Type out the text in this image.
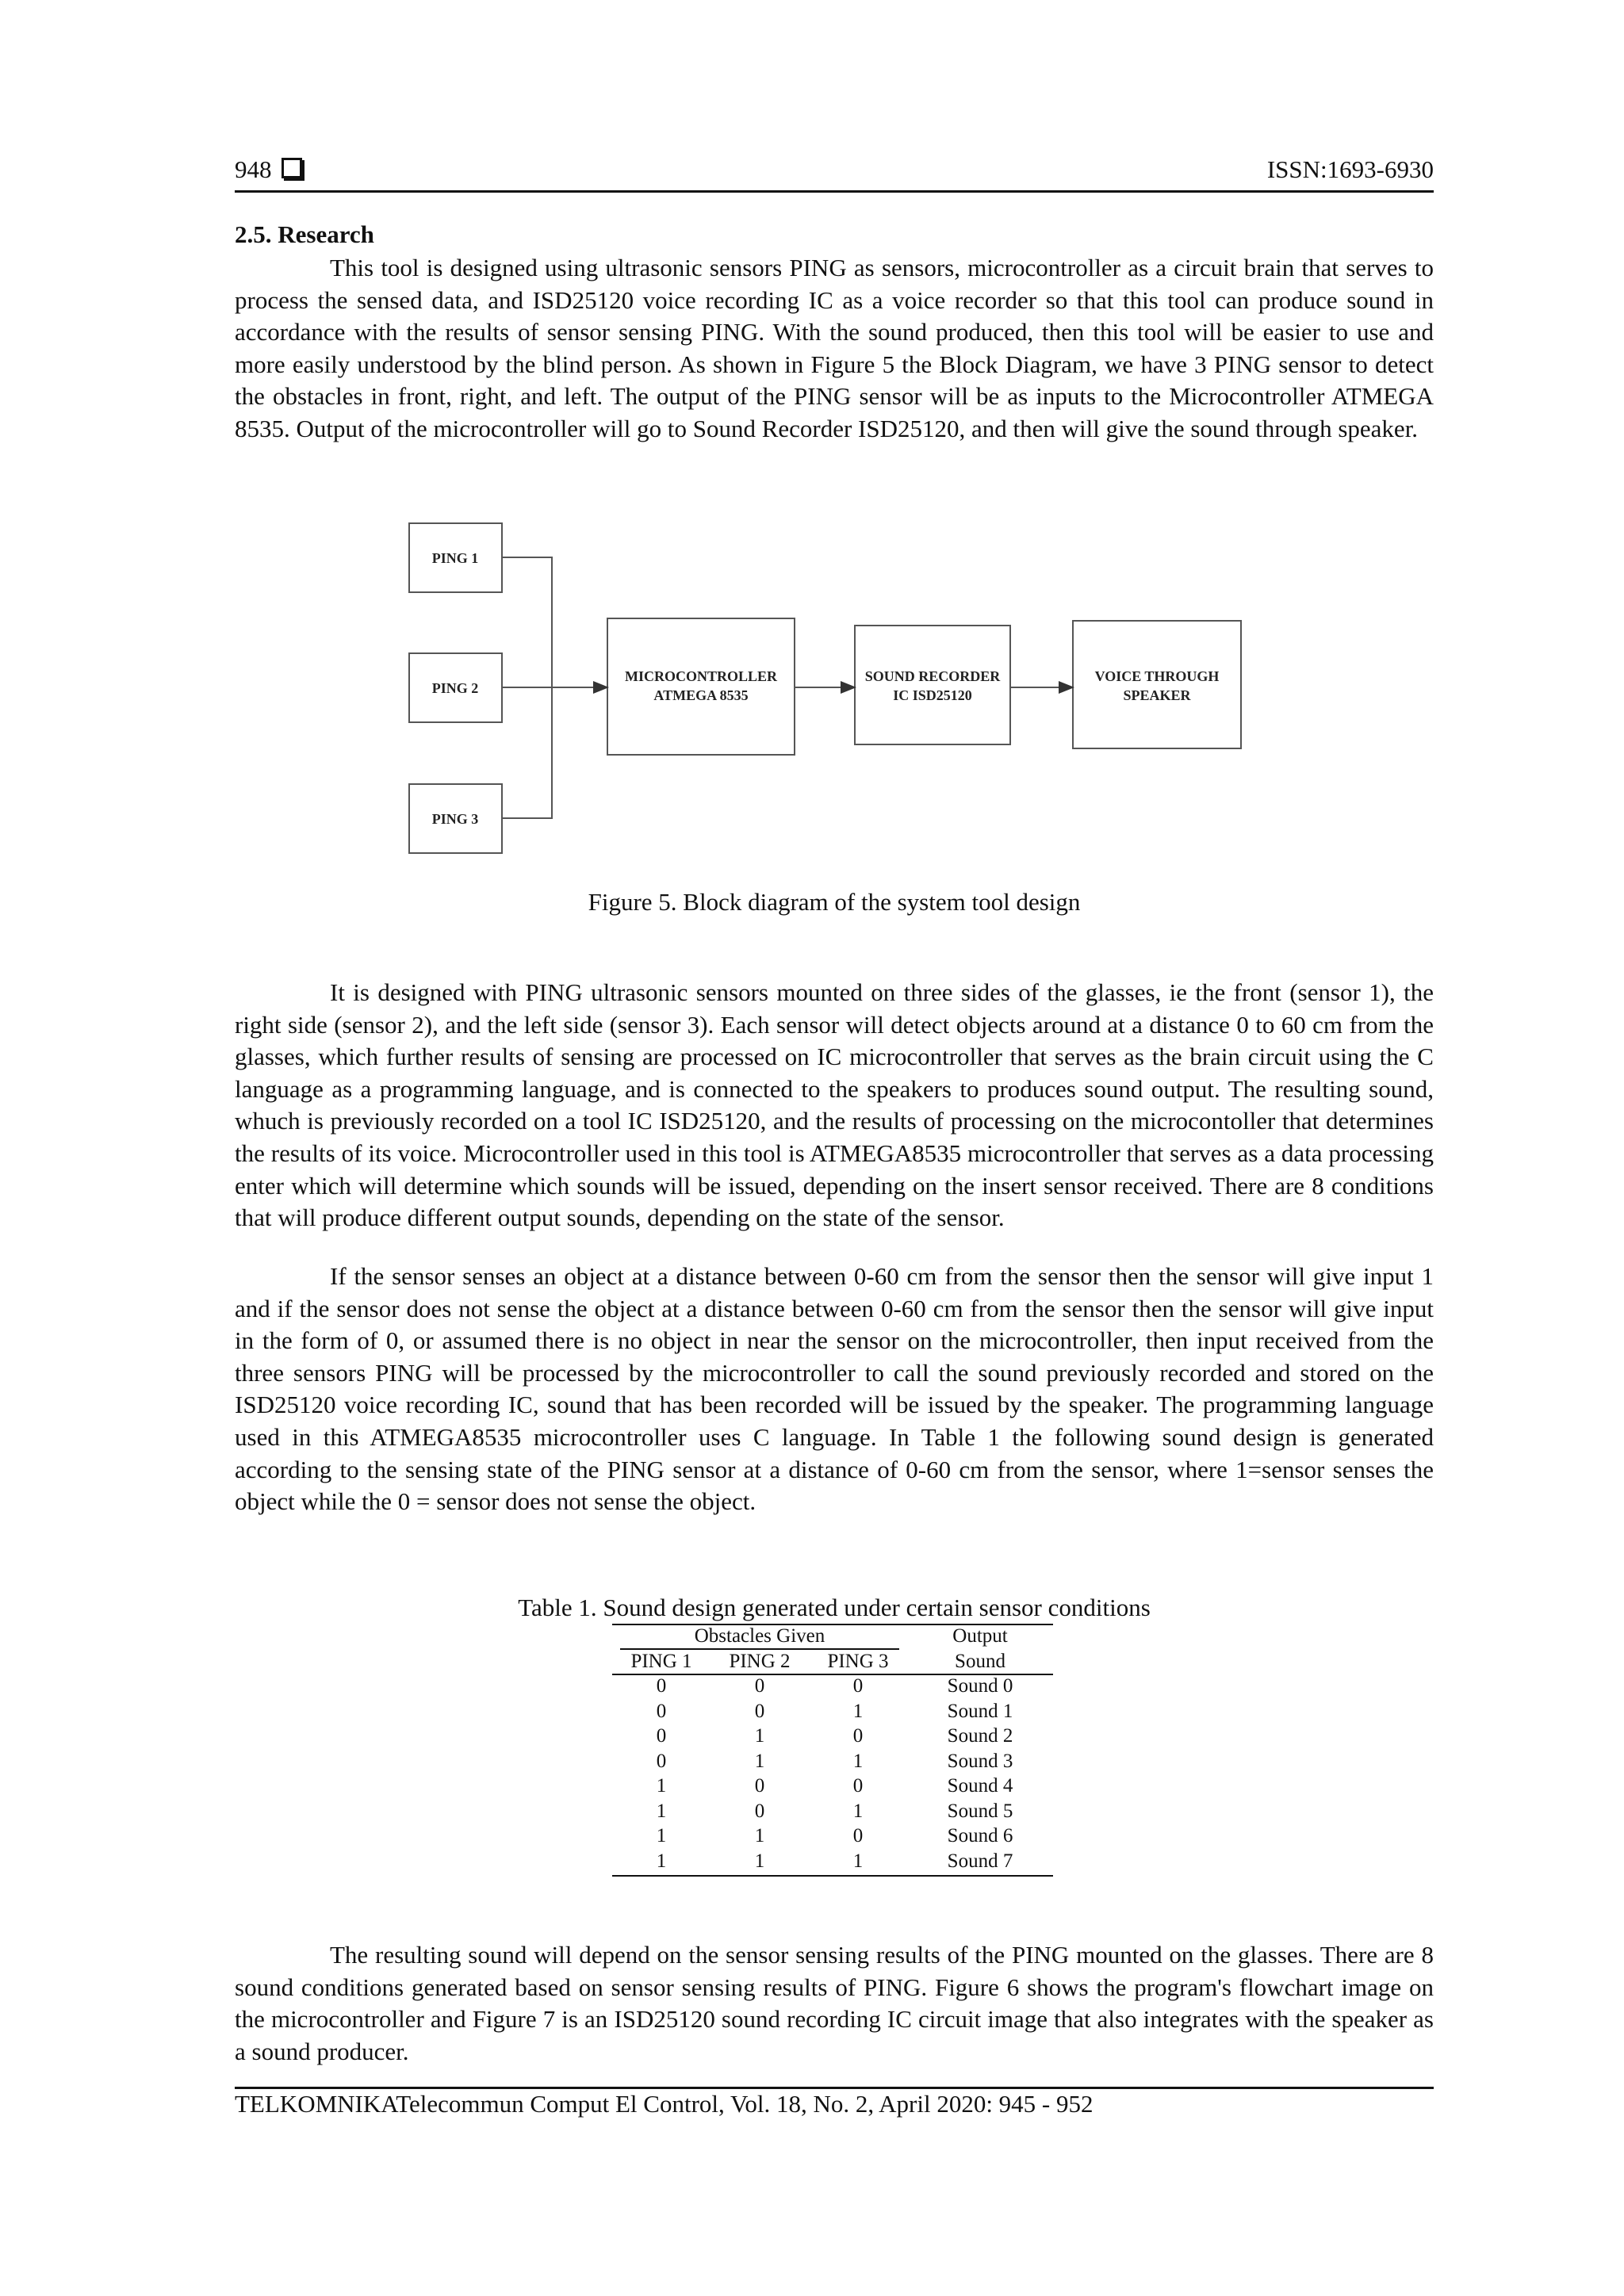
948	ISSN:1693-6930
2.5. Research

This tool is designed using ultrasonic sensors PING as sensors, microcontroller as a circuit brain that serves to process the sensed data, and ISD25120 voice recording IC as a voice recorder so that this tool can produce sound in accordance with the results of sensor sensing PING. With the sound produced, then this tool will be easier to use and more easily understood by the blind person. As shown in Figure 5 the Block Diagram, we have 3 PING sensor to detect the obstacles in front, right, and left. The output of the PING sensor will be as inputs to the Microcontroller ATMEGA 8535. Output of the microcontroller will go to Sound Recorder ISD25120, and then will give the sound through speaker.

PING 1
PING 2
PING 3
MICROCONTROLLER
ATMEGA 8535
SOUND RECORDER
IC ISD25120
VOICE THROUGH
SPEAKER
Figure 5. Block diagram of the system tool design

It is designed with PING ultrasonic sensors mounted on three sides of the glasses, ie the front (sensor 1), the right side (sensor 2), and the left side (sensor 3). Each sensor will detect objects around at a distance 0 to 60 cm from the glasses, which further results of sensing are processed on IC microcontroller that serves as the brain circuit using the C language as a programming language, and is connected to the speakers to produces sound output. The resulting sound, whuch is previously recorded on a tool IC ISD25120, and the results of processing on the microcontoller that determines the results of its voice. Microcontroller used in this tool is ATMEGA8535 microcontroller that serves as a data processing enter which will determine which sounds will be issued, depending on the insert sensor received. There are 8 conditions that will produce different output sounds, depending on the state of the sensor.

If the sensor senses an object at a distance between 0-60 cm from the sensor then the sensor will give input 1 and if the sensor does not sense the object at a distance between 0-60 cm from the sensor then the sensor will give input in the form of 0, or assumed there is no object in near the sensor on the microcontroller, then input received from the three sensors PING will be processed by the microcontroller to call the sound previously recorded and stored on the ISD25120 voice recording IC, sound that has been recorded will be issued by the speaker. The programming language used in this ATMEGA8535 microcontroller uses C language. In Table 1 the following sound design is generated according to the sensing state of the PING sensor at a distance of 0-60 cm from the sensor, where 1=sensor senses the object while the 0 = sensor does not sense the object.

Table 1. Sound design generated under certain sensor conditions
Obstacles Given	Output
PING 1	PING 2	PING 3	Sound
0	0	0	Sound 0
0	0	1	Sound 1
0	1	0	Sound 2
0	1	1	Sound 3
1	0	0	Sound 4
1	0	1	Sound 5
1	1	0	Sound 6
1	1	1	Sound 7

The resulting sound will depend on the sensor sensing results of the PING mounted on the glasses. There are 8 sound conditions generated based on sensor sensing results of PING. Figure 6 shows the program's flowchart image on the microcontroller and Figure 7 is an ISD25120 sound recording IC circuit image that also integrates with the speaker as a sound producer.

TELKOMNIKATelecommun Comput El Control, Vol. 18, No. 2, April 2020: 945 - 952
